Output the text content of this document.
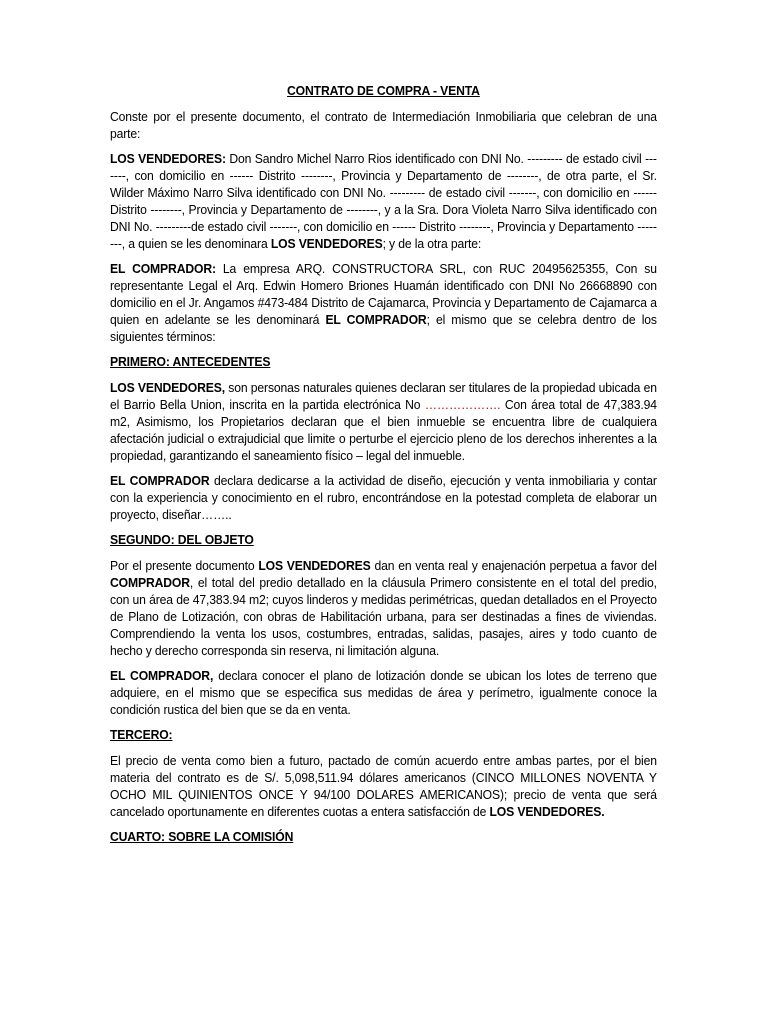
CONTRATO DE COMPRA - VENTA

Conste por el presente documento, el contrato de Intermediación Inmobiliaria que celebran de una parte:

LOS VENDEDORES: Don Sandro Michel Narro Rios identificado con DNI No. --------- de estado civil -------, con domicilio en ------ Distrito --------, Provincia y Departamento de --------, de otra parte, el Sr. Wilder Máximo Narro Silva identificado con DNI No. --------- de estado civil -------, con domicilio en ------ Distrito --------, Provincia y Departamento de --------, y a la Sra. Dora Violeta Narro Silva identificado con DNI No. ---------de estado civil -------, con domicilio en ------ Distrito --------, Provincia y Departamento --------, a quien se les denominara LOS VENDEDORES; y de la otra parte:

EL COMPRADOR: La empresa ARQ. CONSTRUCTORA SRL, con RUC 20495625355, Con su representante Legal el Arq. Edwin Homero Briones Huamán identificado con DNI No 26668890 con domicilio en el Jr. Angamos #473-484 Distrito de Cajamarca, Provincia y Departamento de Cajamarca a quien en adelante se les denominará EL COMPRADOR; el mismo que se celebra dentro de los siguientes términos:

PRIMERO: ANTECEDENTES

LOS VENDEDORES, son personas naturales quienes declaran ser titulares de la propiedad ubicada en el Barrio Bella Union, inscrita en la partida electrónica No ………………. Con área total de 47,383.94 m2, Asimismo, los Propietarios declaran que el bien inmueble se encuentra libre de cualquiera afectación judicial o extrajudicial que limite o perturbe el ejercicio pleno de los derechos inherentes a la propiedad, garantizando el saneamiento físico – legal del inmueble.

EL COMPRADOR declara dedicarse a la actividad de diseño, ejecución y venta inmobiliaria y contar con la experiencia y conocimiento en el rubro, encontrándose en la potestad completa de elaborar un proyecto, diseñar……..

SEGUNDO: DEL OBJETO

Por el presente documento LOS VENDEDORES dan en venta real y enajenación perpetua a favor del COMPRADOR, el total del predio detallado en la cláusula Primero consistente en el total del predio, con un área de 47,383.94 m2; cuyos linderos y medidas perimétricas, quedan detallados en el Proyecto de Plano de Lotización, con obras de Habilitación urbana, para ser destinadas a fines de viviendas. Comprendiendo la venta los usos, costumbres, entradas, salidas, pasajes, aires y todo cuanto de hecho y derecho corresponda sin reserva, ni limitación alguna.

EL COMPRADOR, declara conocer el plano de lotización donde se ubican los lotes de terreno que adquiere, en el mismo que se especifica sus medidas de área y perímetro, igualmente conoce la condición rustica del bien que se da en venta.

TERCERO:

El precio de venta como bien a futuro, pactado de común acuerdo entre ambas partes, por el bien materia del contrato es de S/. 5,098,511.94 dólares americanos (CINCO MILLONES NOVENTA Y OCHO MIL QUINIENTOS ONCE Y 94/100 DOLARES AMERICANOS); precio de venta que será cancelado oportunamente en diferentes cuotas a entera satisfacción de LOS VENDEDORES.

CUARTO: SOBRE LA COMISIÓN
